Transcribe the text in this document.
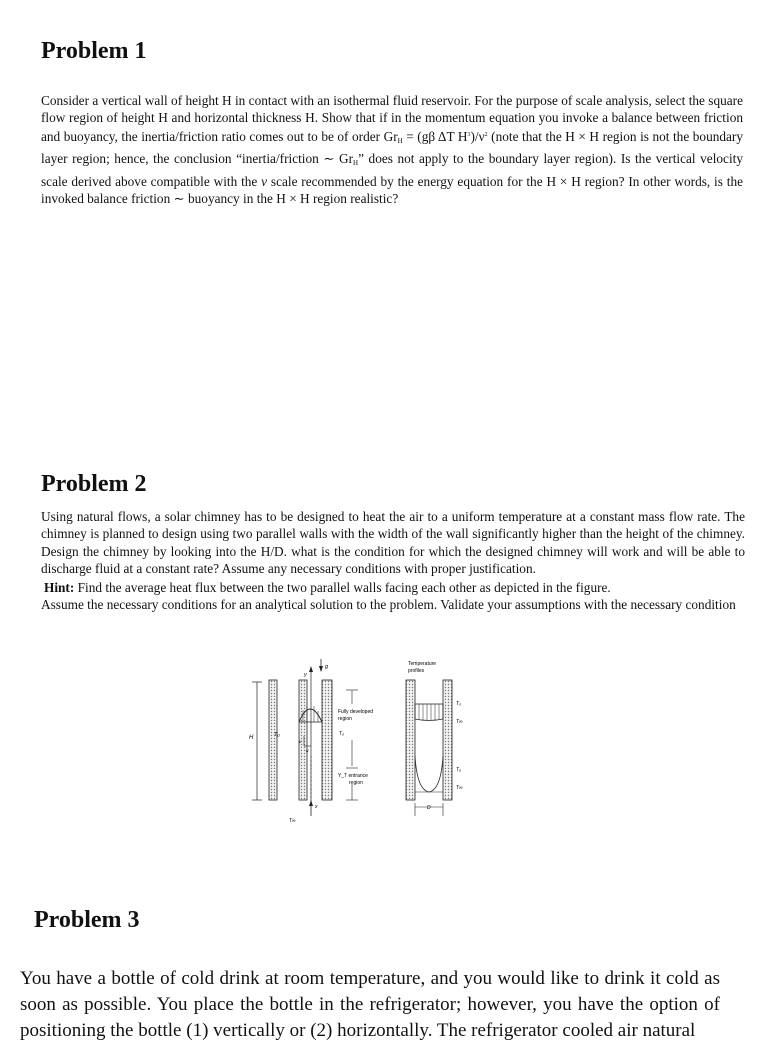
Problem 1

Consider a vertical wall of height H in contact with an isothermal fluid reservoir. For the purpose of scale analysis, select the square flow region of height H and horizontal thickness H. Show that if in the momentum equation you invoke a balance between friction and buoyancy, the inertia/friction ratio comes out to be of order $Gr_H = (g\beta$ ΔT $H^3)/\nu^2$ (note that the H × H region is not the boundary layer region; hence, the conclusion “inertia/friction ∼ $Gr_H$” does not apply to the boundary layer region). Is the vertical velocity scale derived above compatible with the v scale recommended by the energy equation for the H × H region? In other words, is the invoked balance friction ∼ buoyancy in the H × H region realistic?

Problem 2

Using natural flows, a solar chimney has to be designed to heat the air to a uniform temperature at a constant mass flow rate. The chimney is planned to design using two parallel walls with the width of the wall significantly higher than the height of the chimney. Design the chimney by looking into the H/D. what is the condition for which the designed chimney will work and will be able to discharge fluid at a constant rate? Assume any necessary conditions with proper justification.

Hint: Find the average heat flux between the two parallel walls facing each other as depicted in the figure.

Assume the necessary conditions for an analytical solution to the problem. Validate your assumptions with the necessary condition

H	T₀
y
g
v
u
x
T∞
Fully developed
region
T₀
Y_T entrance
region
Temperature
profiles
T₀
T∞
T₀
T∞
D
Problem 3

You have a bottle of cold drink at room temperature, and you would like to drink it cold as soon as possible. You place the bottle in the refrigerator; however, you have the option of positioning the bottle (1) vertically or (2) horizontally. The refrigerator cooled air natural
